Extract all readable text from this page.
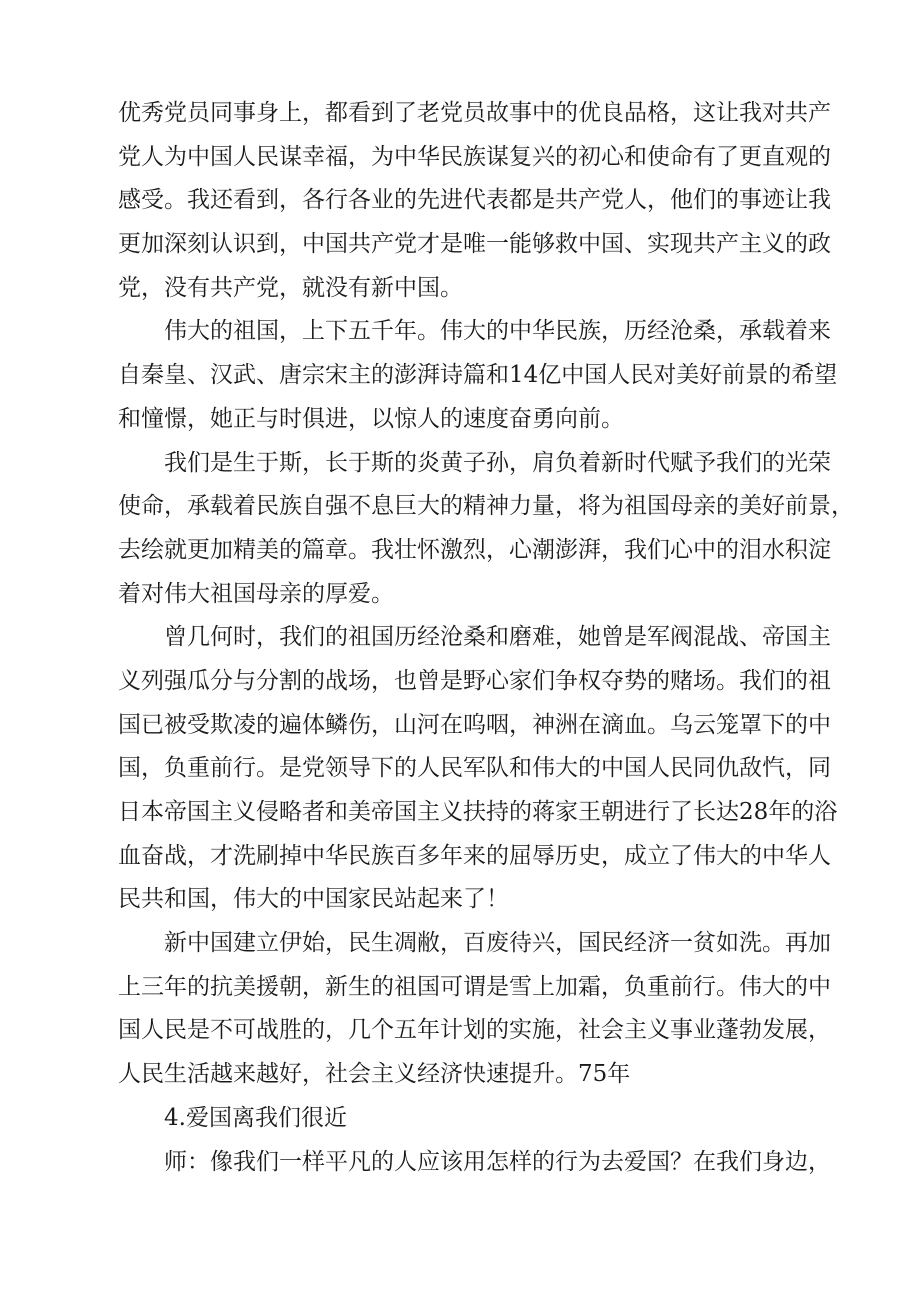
优秀党员同事身上，都看到了老党员故事中的优良品格，这让我对共产
党人为中国人民谋幸福，为中华民族谋复兴的初心和使命有了更直观的
感受。我还看到，各行各业的先进代表都是共产党人，他们的事迹让我
更加深刻认识到，中国共产党才是唯一能够救中国、实现共产主义的政
党，没有共产党，就没有新中国。
伟大的祖国，上下五千年。伟大的中华民族，历经沧桑，承载着来
自秦皇、汉武、唐宗宋主的澎湃诗篇和14亿中国人民对美好前景的希望
和憧憬，她正与时俱进，以惊人的速度奋勇向前。
我们是生于斯，长于斯的炎黄子孙，肩负着新时代赋予我们的光荣
使命，承载着民族自强不息巨大的精神力量，将为祖国母亲的美好前景，
去绘就更加精美的篇章。我壮怀激烈，心潮澎湃，我们心中的泪水积淀
着对伟大祖国母亲的厚爱。
曾几何时，我们的祖国历经沧桑和磨难，她曾是军阀混战、帝国主
义列强瓜分与分割的战场，也曾是野心家们争权夺势的赌场。我们的祖
国已被受欺凌的遍体鳞伤，山河在呜咽，神洲在滴血。乌云笼罩下的中
国，负重前行。是党领导下的人民军队和伟大的中国人民同仇敌忾，同
日本帝国主义侵略者和美帝国主义扶持的蒋家王朝进行了长达28年的浴
血奋战，才洗刷掉中华民族百多年来的屈辱历史，成立了伟大的中华人
民共和国，伟大的中国家民站起来了！
新中国建立伊始，民生凋敝，百废待兴，国民经济一贫如洗。再加
上三年的抗美援朝，新生的祖国可谓是雪上加霜，负重前行。伟大的中
国人民是不可战胜的，几个五年计划的实施，社会主义事业蓬勃发展，
人民生活越来越好，社会主义经济快速提升。75年
4.爱国离我们很近
师：像我们一样平凡的人应该用怎样的行为去爱国？在我们身边，
